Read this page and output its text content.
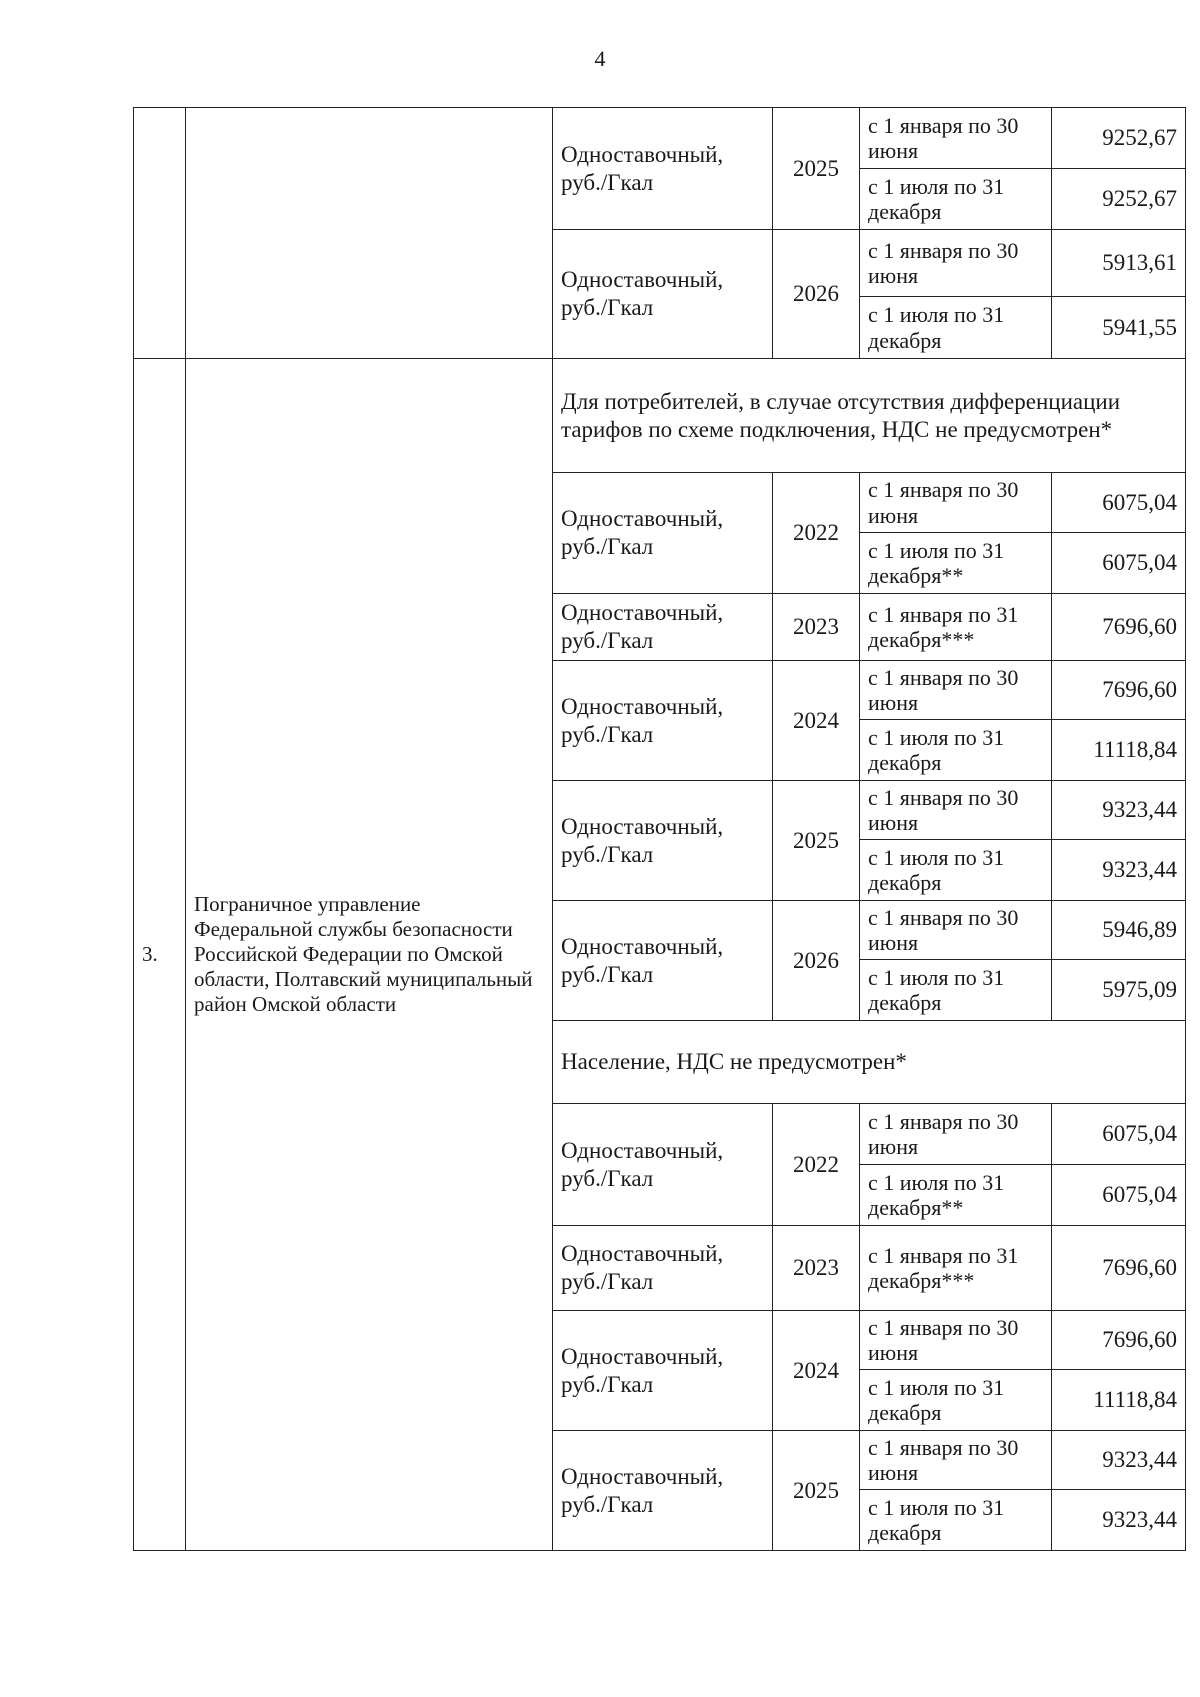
4
		Одноставочный, руб./Гкал	2025	с 1 января по 30 июня	9252,67
				с 1 июля по 31 декабря	9252,67
		Одноставочный, руб./Гкал	2026	с 1 января по 30 июня	5913,61
				с 1 июля по 31 декабря	5941,55
3.	Пограничное управление Федеральной службы безопасности Российской Федерации по Омской области, Полтавский муниципальный район Омской области	Для потребителей, в случае отсутствия дифференциации тарифов по схеме подключения, НДС не предусмотрен*			
		Одноставочный, руб./Гкал	2022	с 1 января по 30 июня	6075,04
				с 1 июля по 31 декабря**	6075,04
		Одноставочный, руб./Гкал	2023	с 1 января по 31 декабря***	7696,60
		Одноставочный, руб./Гкал	2024	с 1 января по 30 июня	7696,60
				с 1 июля по 31 декабря	11118,84
		Одноставочный, руб./Гкал	2025	с 1 января по 30 июня	9323,44
				с 1 июля по 31 декабря	9323,44
		Одноставочный, руб./Гкал	2026	с 1 января по 30 июня	5946,89
				с 1 июля по 31 декабря	5975,09
		Население, НДС не предусмотрен*			
		Одноставочный, руб./Гкал	2022	с 1 января по 30 июня	6075,04
				с 1 июля по 31 декабря**	6075,04
		Одноставочный, руб./Гкал	2023	с 1 января по 31 декабря***	7696,60
		Одноставочный, руб./Гкал	2024	с 1 января по 30 июня	7696,60
				с 1 июля по 31 декабря	11118,84
		Одноставочный, руб./Гкал	2025	с 1 января по 30 июня	9323,44
				с 1 июля по 31 декабря	9323,44
